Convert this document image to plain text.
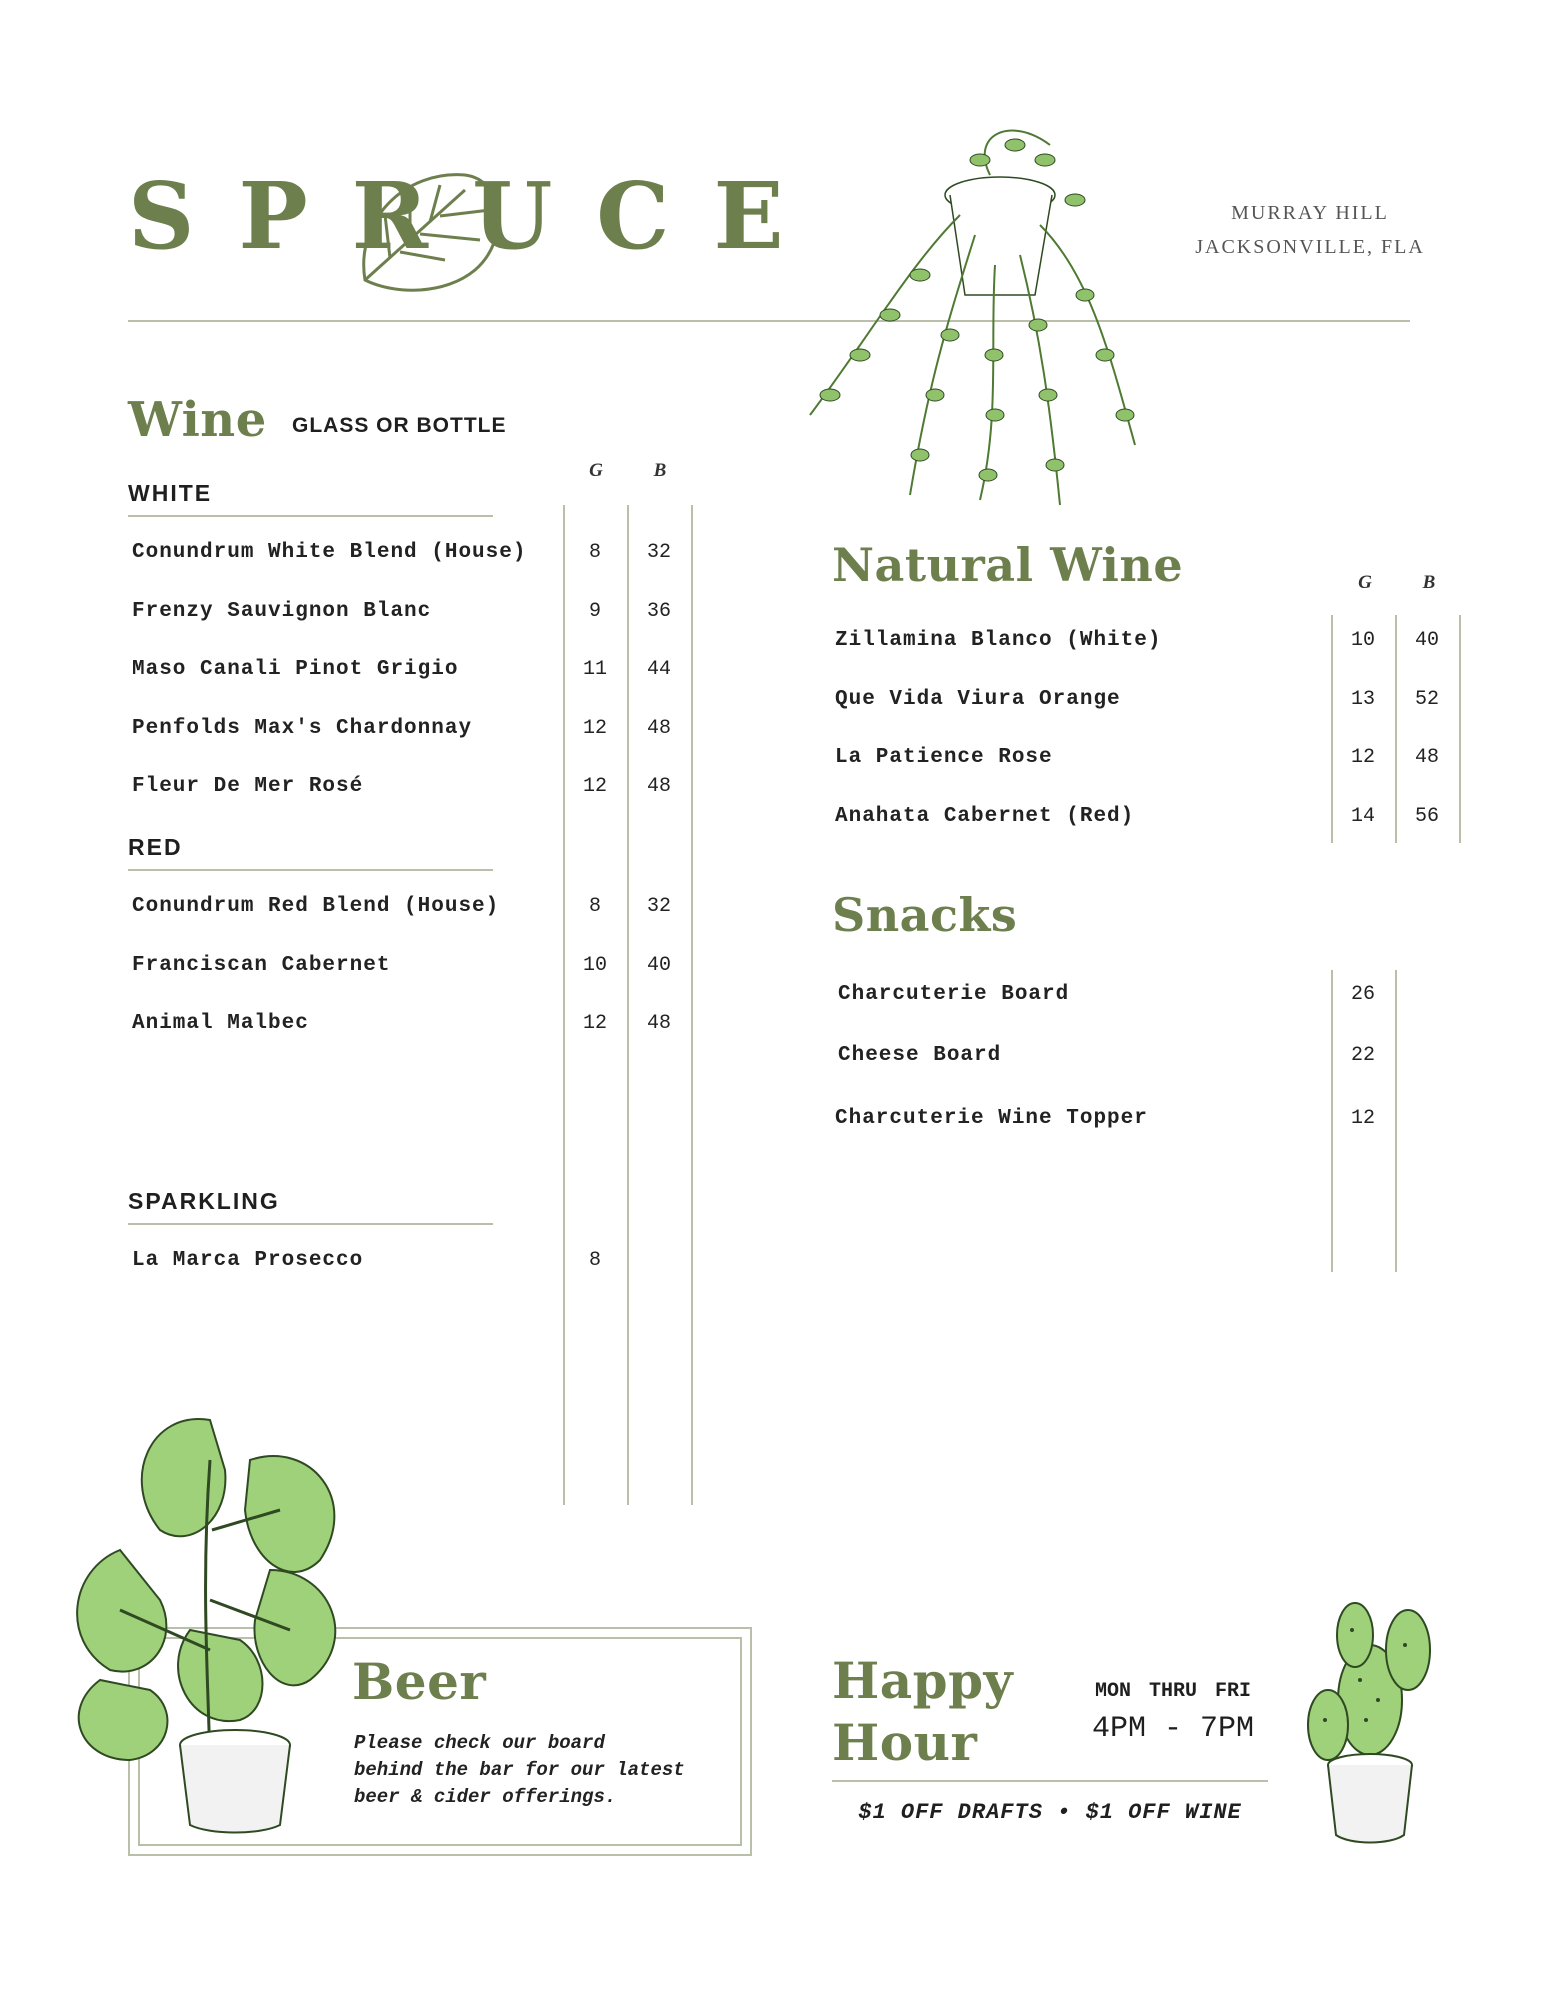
SPRUCE	MURRAY HILL
JACKSONVILLE, FLA
Wine GLASS OR BOTTLE
G	B
WHITE
Conundrum White Blend (House)	8	32
Frenzy Sauvignon Blanc	9	36
Maso Canali Pinot Grigio	11	44
Penfolds Max's Chardonnay	12	48
Fleur De Mer Rosé	12	48
RED
Conundrum Red Blend (House)	8	32
Franciscan Cabernet	10	40
Animal Malbec	12	48
SPARKLING
La Marca Prosecco	8
Natural Wine	G	B
Zillamina Blanco (White)	10	40
Que Vida Viura Orange	13	52
La Patience Rose	12	48
Anahata Cabernet (Red)	14	56
Snacks
Charcuterie Board	26
Cheese Board	22
Charcuterie Wine Topper	12
Beer
Please check our board
behind the bar for our latest
beer & cider offerings.
Happy
Hour
MON THRU FRI
4PM - 7PM
$1 OFF DRAFTS • $1 OFF WINE
